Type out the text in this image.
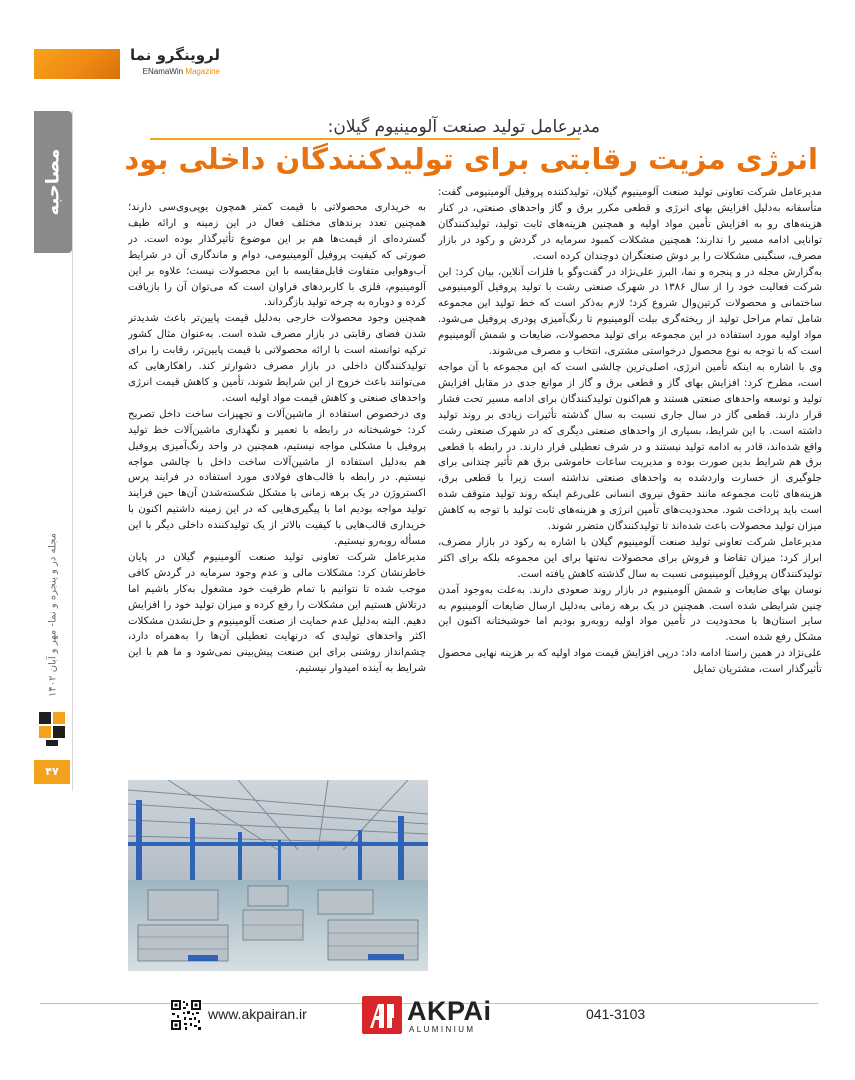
لروینگرو نما
ENamaWin Magazine
مصاحبه
مجله در و پنجره و نما- مهر و آبان ۱۴۰۲
۴۷
مدیرعامل تولید صنعت آلومینیوم گیلان:
انرژی مزیت رقابتی برای تولیدکنندگان داخلی بود

مدیرعامل شرکت تعاونی تولید صنعت آلومینیوم گیلان، تولیدکننده پروفیل آلومینیومی گفت: متأسفانه به‌دلیل افزایش بهای انرژی و قطعی مکرر برق و گاز واحدهای صنعتی، در کنار هزینه‌های رو به افزایش تأمین مواد اولیه و همچنین هزینه‌های ثابت تولید، تولیدکنندگان توانایی ادامه مسیر را ندارند؛ همچنین مشکلات کمبود سرمایه در گردش و رکود در بازار مصرف، سنگینی مشکلات را بر دوش صنعتگران دوچندان کرده است.

به‌گزارش مجله در و پنجره و نما، البرز علی‌نژاد در گفت‌وگو با فلزات آنلاین، بیان کرد: این شرکت فعالیت خود را از سال ۱۳۸۶ در شهرک صنعتی رشت با تولید پروفیل آلومینیومی ساختمانی و محصولات کرتین‌وال شروع کرد؛ لازم به‌ذکر است که خط تولید این مجموعه شامل تمام مراحل تولید از ریخته‌گری بیلت آلومینیوم تا رنگ‌آمیزی پودری پروفیل می‌شود. مواد اولیه مورد استفاده در این مجموعه برای تولید محصولات، ضایعات و شمش آلومینیوم است که با توجه به نوع محصول درخواستی مشتری، انتخاب و مصرف می‌شوند.

وی با اشاره به اینکه تأمین انرژی، اصلی‌ترین چالشی است که این مجموعه با آن مواجه است، مطرح کرد: افزایش بهای گاز و قطعی برق و گاز از موانع جدی در مقابل افزایش تولید و توسعه واحدهای صنعتی هستند و هم‌اکنون تولیدکنندگان برای ادامه مسیر تحت فشار قرار دارند. قطعی گاز در سال جاری نسبت به سال گذشته تأثیرات زیادی بر روند تولید داشته است. با این شرایط، بسیاری از واحدهای صنعتی دیگری که در شهرک صنعتی رشت واقع شده‌اند، قادر به ادامه تولید نیستند و در شرف تعطیلی قرار دارند. در رابطه با قطعی برق هم شرایط بدین صورت بوده و مدیریت ساعات خاموشی برق هم تأثیر چندانی برای جلوگیری از خسارت واردشده به واحدهای صنعتی نداشته است زیرا با قطعی برق، هزینه‌های ثابت مجموعه مانند حقوق نیروی انسانی علی‌رغم اینکه روند تولید متوقف شده است باید پرداخت شود. محدودیت‌های تأمین انرژی و هزینه‌های ثابت تولید با توجه به کاهش میزان تولید محصولات باعث شده‌اند تا تولیدکنندگان متضرر شوند.

مدیرعامل شرکت تعاونی تولید صنعت آلومینیوم گیلان با اشاره به رکود در بازار مصرف، ابراز کرد: میزان تقاضا و فروش برای محصولات نه‌تنها برای این مجموعه بلکه برای اکثر تولیدکنندگان پروفیل آلومینیومی نسبت به سال گذشته کاهش یافته است.

نوسان بهای ضایعات و شمش آلومینیوم در بازار روند صعودی دارند. به‌علت به‌وجود آمدن چنین شرایطی شده است. همچنین در یک برهه زمانی به‌دلیل ارسال ضایعات آلومینیوم به سایر استان‌ها با محدودیت در تأمین مواد اولیه روبه‌رو بودیم اما خوشبختانه اکنون این مشکل رفع شده است.

علی‌نژاد در همین راستا ادامه داد: درپی افزایش قیمت مواد اولیه که بر هزینه نهایی محصول تأثیرگذار است، مشتریان تمایل

به خریداری محصولاتی با قیمت کمتر همچون یوپی‌وی‌سی دارند؛ همچنین تعدد برندهای مختلف فعال در این زمینه و ارائه طیف گسترده‌ای از قیمت‌ها هم بر این موضوع تأثیرگذار بوده است. در صورتی که کیفیت پروفیل آلومینیومی، دوام و ماندگاری آن در شرایط آب‌وهوایی متفاوت قابل‌مقایسه با این محصولات نیست؛ علاوه بر این آلومینیوم، فلزی با کاربردهای فراوان است که می‌توان آن را بازیافت کرده و دوباره به چرخه تولید بازگرداند.

همچنین وجود محصولات خارجی به‌دلیل قیمت پایین‌تر باعث شدید‌تر شدن فضای رقابتی در بازار مصرف شده است. به‌عنوان مثال کشور ترکیه توانسته است با ارائه محصولاتی با قیمت پایین‌تر، رقابت را برای تولیدکنندگان داخلی در بازار مصرف دشوارتر کند. راهکارهایی که می‌توانند باعث خروج از این شرایط شوند، تأمین و کاهش قیمت انرژی واحدهای صنعتی و کاهش قیمت مواد اولیه است.

وی درخصوص استفاده از ماشین‌آلات و تجهیزات ساخت داخل تصریح کرد: خوشبختانه در رابطه با تعمیر و نگهداری ماشین‌آلات خط تولید پروفیل با مشکلی مواجه نیستیم، همچنین در واحد رنگ‌آمیزی پروفیل هم به‌دلیل استفاده از ماشین‌آلات ساخت داخل با چالشی مواجه نیستیم. در رابطه با قالب‌های فولادی مورد استفاده در فرایند پرس اکستروژن در یک برهه زمانی با مشکل شکسته‌شدن آن‌ها حین فرایند تولید مواجه بودیم اما با پیگیری‌هایی که در این زمینه داشتیم اکنون با خریداری قالب‌هایی با کیفیت بالاتر از یک تولیدکننده داخلی دیگر با این مسأله روبه‌رو نیستیم.

مدیرعامل شرکت تعاونی تولید صنعت آلومینیوم گیلان در پایان خاطرنشان کرد: مشکلات مالی و عدم وجود سرمایه در گردش کافی موجب شده تا نتوانیم با تمام ظرفیت خود مشغول به‌کار باشیم اما درتلاش هستیم این مشکلات را رفع کرده و میزان تولید خود را افزایش دهیم. البته به‌دلیل عدم حمایت از صنعت آلومینیوم و حل‌نشدن مشکلات اکثر واحدهای تولیدی که درنهایت تعطیلی آن‌ها را به‌همراه دارد، چشم‌انداز روشنی برای این صنعت پیش‌بینی نمی‌شود و ما هم با این شرایط به آینده امیدوار نیستیم.

www.akpairan.ir	AKPAi
ALUMINIUM
041-3103
